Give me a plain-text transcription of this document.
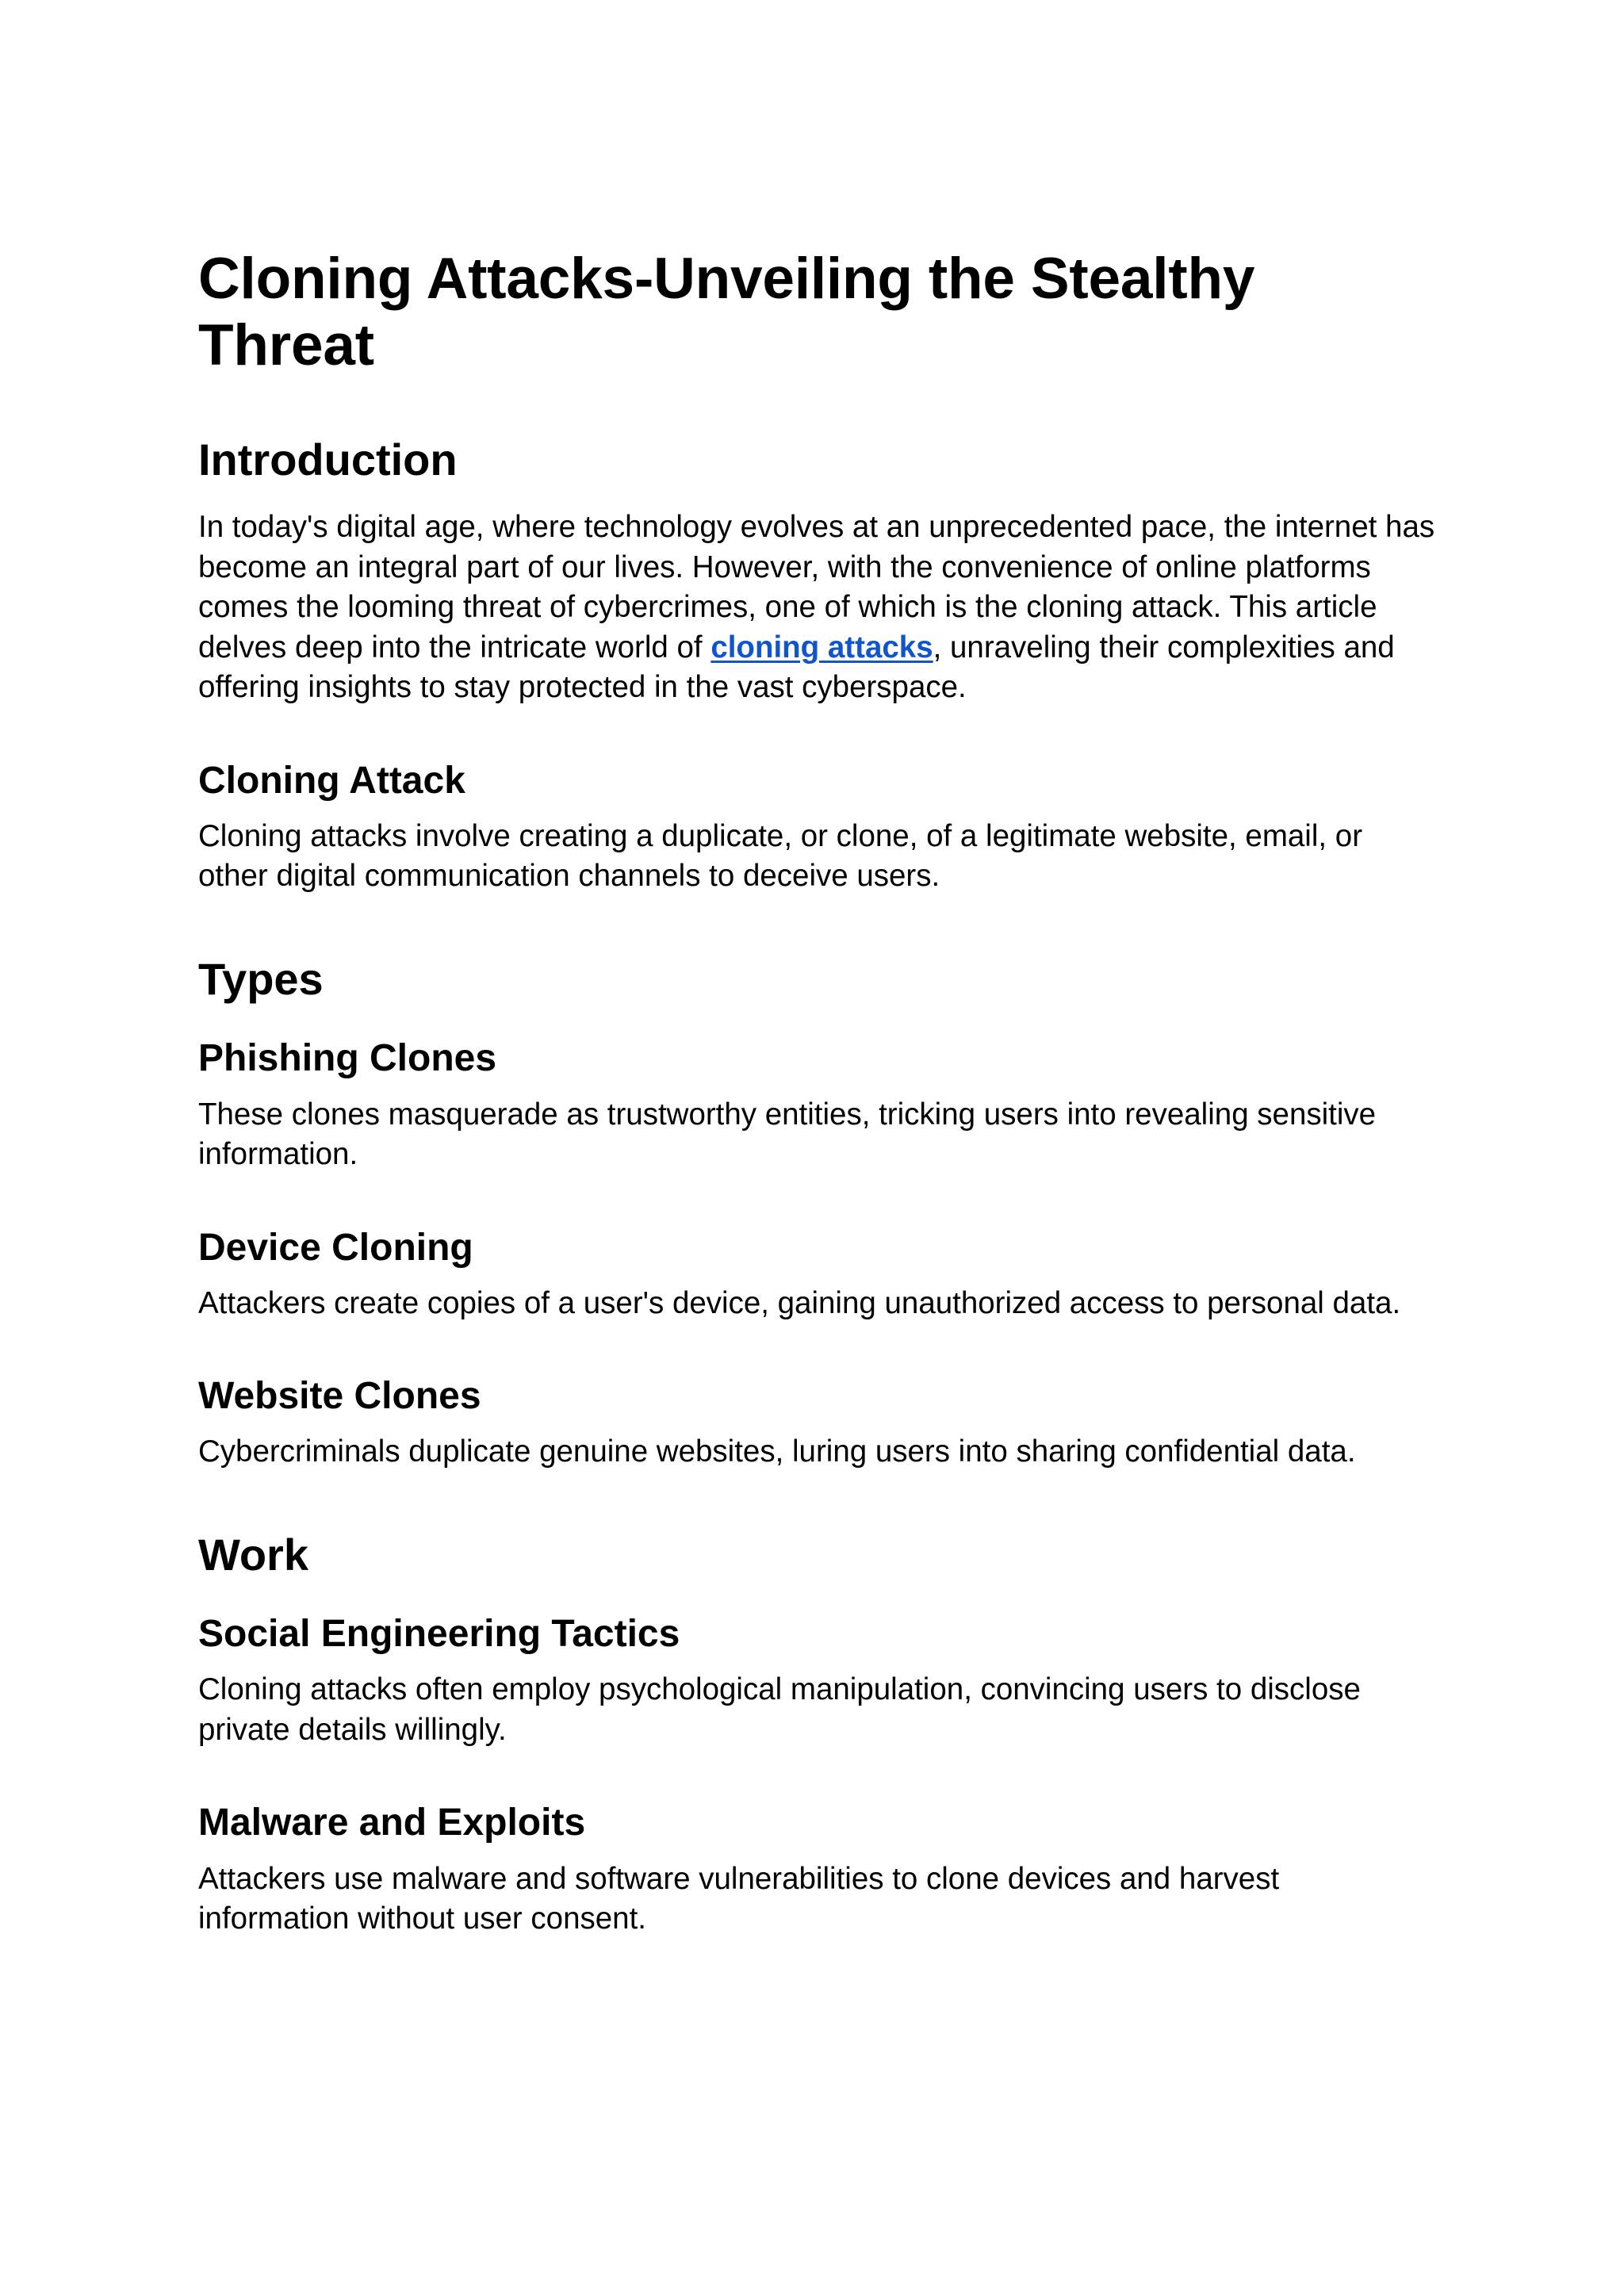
Cloning Attacks-Unveiling the Stealthy Threat
Introduction

In today's digital age, where technology evolves at an unprecedented pace, the internet has become an integral part of our lives. However, with the convenience of online platforms comes the looming threat of cybercrimes, one of which is the cloning attack. This article delves deep into the intricate world of cloning attacks, unraveling their complexities and offering insights to stay protected in the vast cyberspace.

Cloning Attack

Cloning attacks involve creating a duplicate, or clone, of a legitimate website, email, or other digital communication channels to deceive users.

Types
Phishing Clones

These clones masquerade as trustworthy entities, tricking users into revealing sensitive information.

Device Cloning

Attackers create copies of a user's device, gaining unauthorized access to personal data.

Website Clones

Cybercriminals duplicate genuine websites, luring users into sharing confidential data.

Work
Social Engineering Tactics

Cloning attacks often employ psychological manipulation, convincing users to disclose private details willingly.

Malware and Exploits

Attackers use malware and software vulnerabilities to clone devices and harvest information without user consent.
